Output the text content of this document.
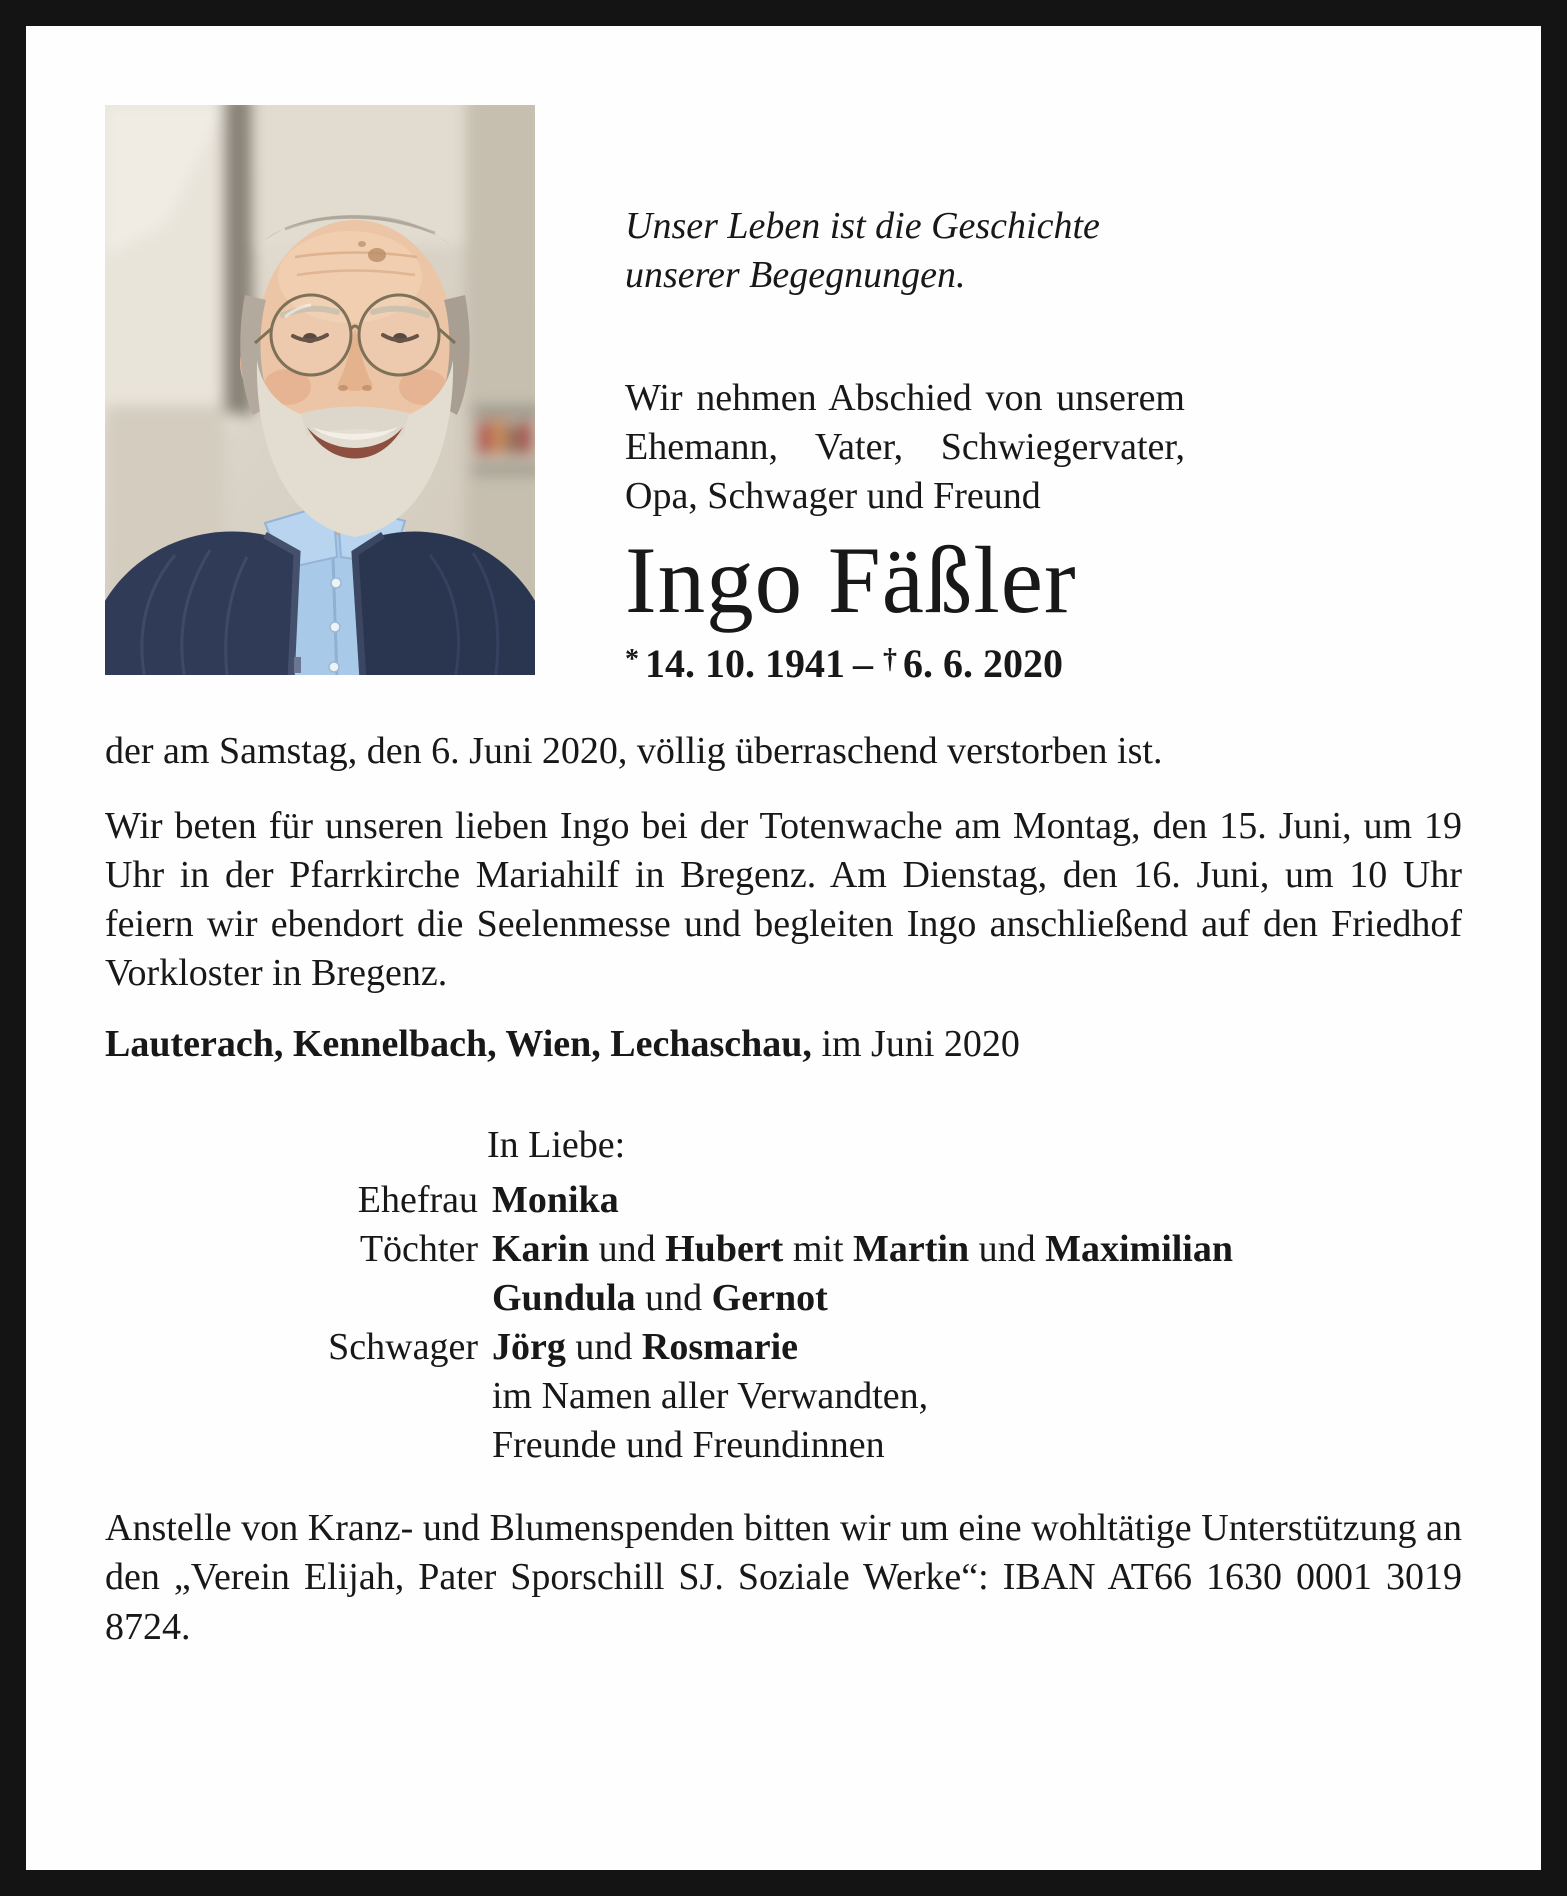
Unser Leben ist die Geschichte
unserer Begegnungen.

Wir nehmen Abschied von unserem Ehemann, Vater, Schwiegervater, Opa, Schwager und Freund

Ingo Fäßler

* 14. 10. 1941 – † 6. 6. 2020

der am Samstag, den 6. Juni 2020, völlig überraschend verstorben ist.

Wir beten für unseren lieben Ingo bei der Totenwache am Montag, den 15. Juni, um 19 Uhr in der Pfarrkirche Mariahilf in Bregenz. Am Dienstag, den 16. Juni, um 10 Uhr feiern wir ebendort die Seelenmesse und begleiten Ingo anschließend auf den Friedhof Vorkloster in Bregenz.

Lauterach, Kennelbach, Wien, Lechaschau, im Juni 2020

In Liebe:

Ehefrau Monika
Töchter Karin und Hubert mit Martin und Maximilian
Gundula und Gernot
Schwager Jörg und Rosmarie
im Namen aller Verwandten,
Freunde und Freundinnen

Anstelle von Kranz- und Blumenspenden bitten wir um eine wohltätige Unterstützung an den „Verein Elijah, Pater Sporschill SJ. Soziale Werke“: IBAN AT66 1630 0001 3019 8724.
